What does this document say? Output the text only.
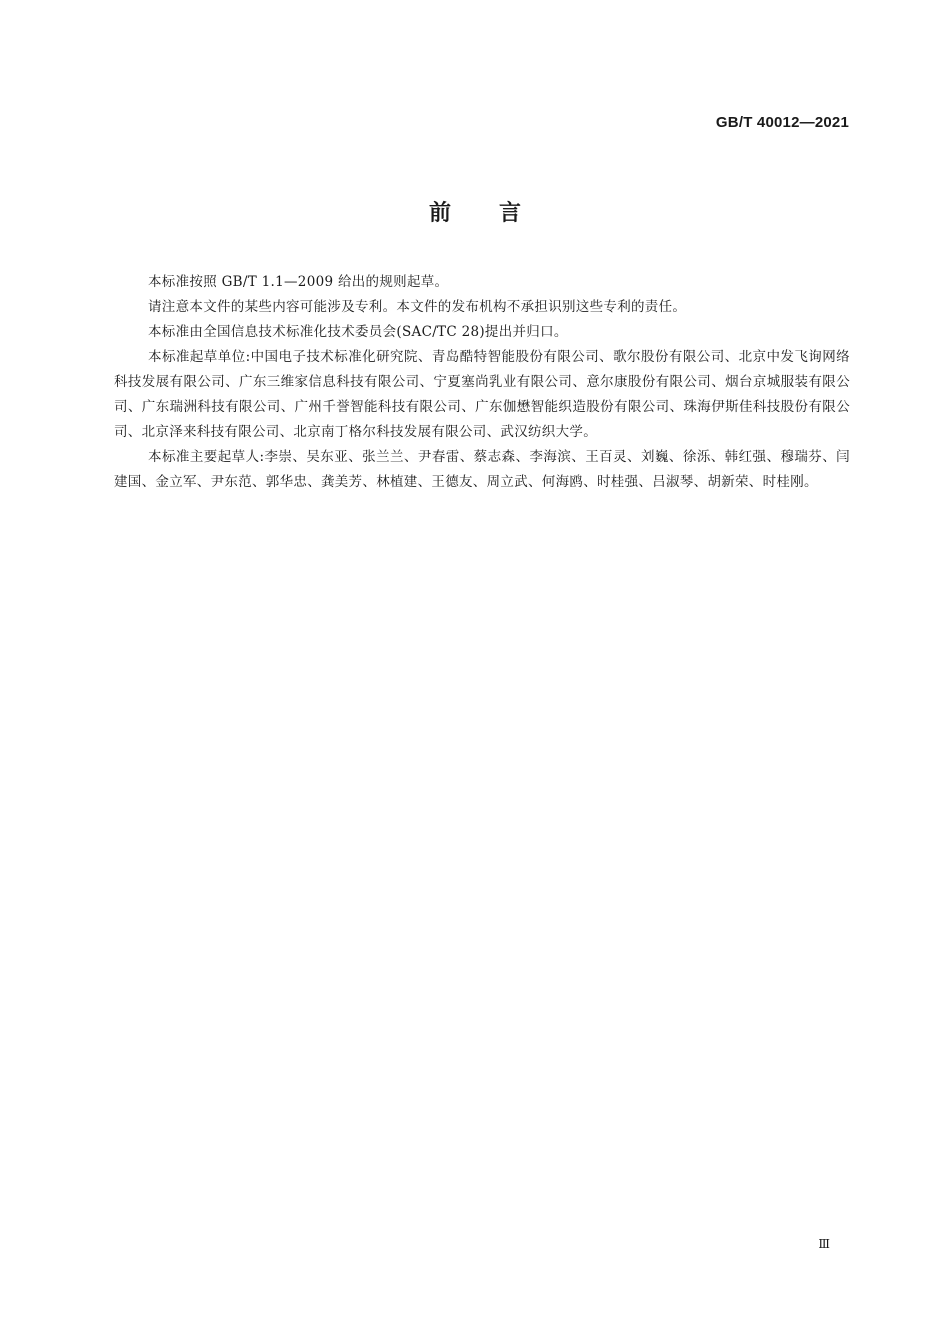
GB/T 40012—2021
前言

本标准按照 GB/T 1.1—2009 给出的规则起草。

请注意本文件的某些内容可能涉及专利。本文件的发布机构不承担识别这些专利的责任。

本标准由全国信息技术标准化技术委员会(SAC/TC 28)提出并归口。

本标准起草单位:中国电子技术标准化研究院、青岛酷特智能股份有限公司、歌尔股份有限公司、北京中发飞询网络科技发展有限公司、广东三维家信息科技有限公司、宁夏塞尚乳业有限公司、意尔康股份有限公司、烟台京城服装有限公司、广东瑞洲科技有限公司、广州千誉智能科技有限公司、广东伽懋智能织造股份有限公司、珠海伊斯佳科技股份有限公司、北京泽来科技有限公司、北京南丁格尔科技发展有限公司、武汉纺织大学。

本标准主要起草人:李崇、吴东亚、张兰兰、尹春雷、蔡志森、李海滨、王百灵、刘巍、徐泺、韩红强、穆瑞芬、闫建国、金立军、尹东范、郭华忠、龚美芳、林植建、王德友、周立武、何海鸥、时桂强、吕淑琴、胡新荣、时桂刚。

Ⅲ
